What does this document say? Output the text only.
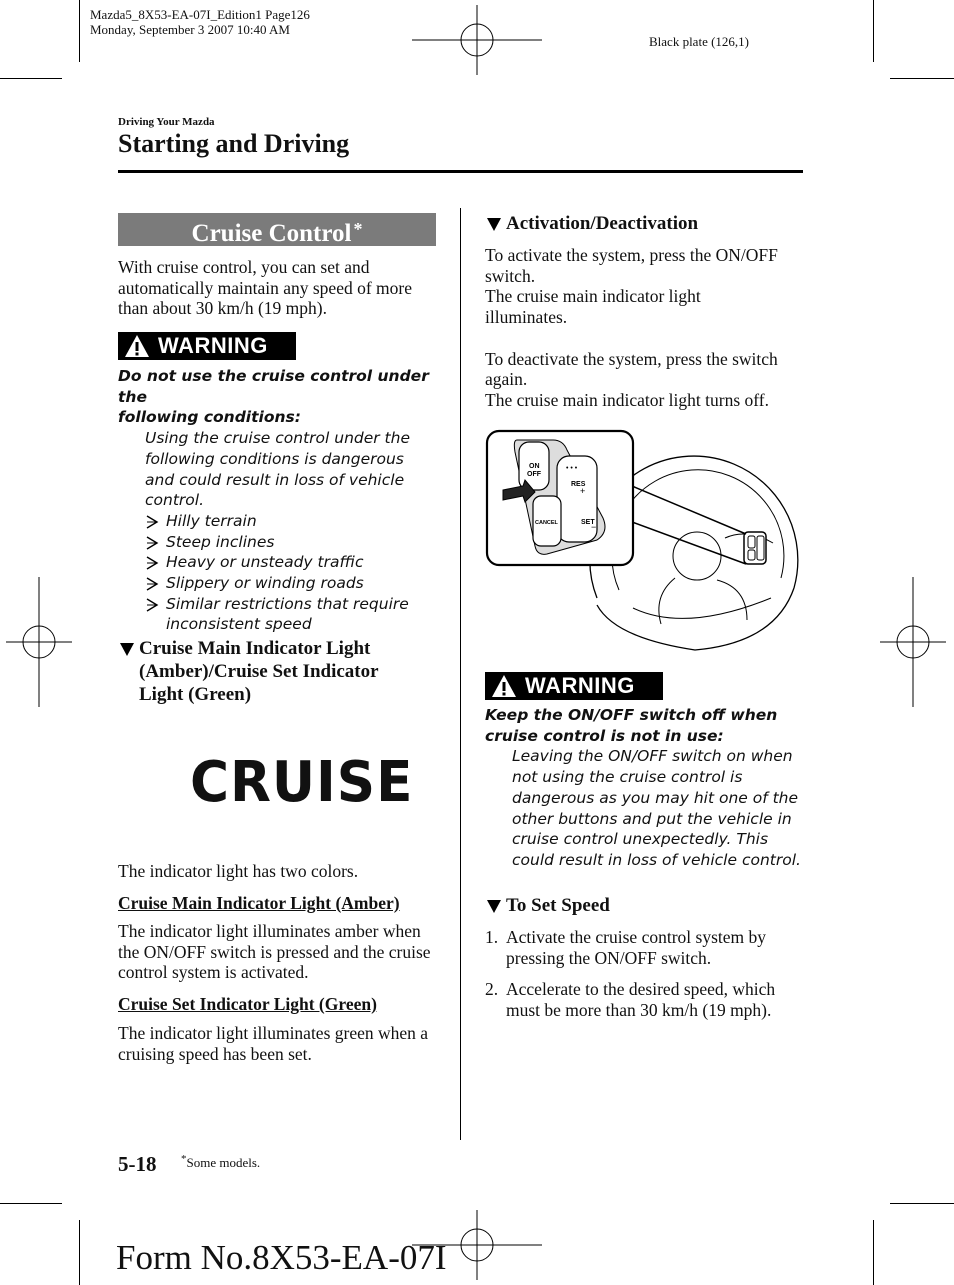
Mazda5_8X53-EA-07I_Edition1 Page126
Monday, September 3 2007 10:40 AM
Black plate (126,1)
Driving Your Mazda
Starting and Driving
Cruise Control *
With cruise control, you can set and automatically maintain any speed of more than about 30 km/h (19 mph).
WARNING
Do not use the cruise control under the
following conditions:
Using the cruise control under the
following conditions is dangerous
and could result in loss of vehicle
control.
Hilly terrain
Steep inclines
Heavy or unsteady traffic
Slippery or winding roads
Similar restrictions that require
inconsistent speed
Cruise Main Indicator Light
(Amber)/Cruise Set Indicator
Light (Green)
CRUISE
The indicator light has two colors.
Cruise Main Indicator Light (Amber)
The indicator light illuminates amber when the ON/OFF switch is pressed and the cruise control system is activated.
Cruise Set Indicator Light (Green)
The indicator light illuminates green when a cruising speed has been set.
Activation/Deactivation
To activate the system, press the ON/OFF switch.
The cruise main indicator light illuminates.
To deactivate the system, press the switch again.
The cruise main indicator light turns off.
ON
OFF
• • •
RES
+
CANCEL	SET
−
WARNING
Keep the ON/OFF switch off when
cruise control is not in use:
Leaving the ON/OFF switch on when
not using the cruise control is
dangerous as you may hit one of the
other buttons and put the vehicle in
cruise control unexpectedly. This
could result in loss of vehicle control.
To Set Speed
1. Activate the cruise control system by pressing the ON/OFF switch.
2. Accelerate to the desired speed, which must be more than 30 km/h (19 mph).
5-18 *Some models.
Form No.8X53-EA-07I
